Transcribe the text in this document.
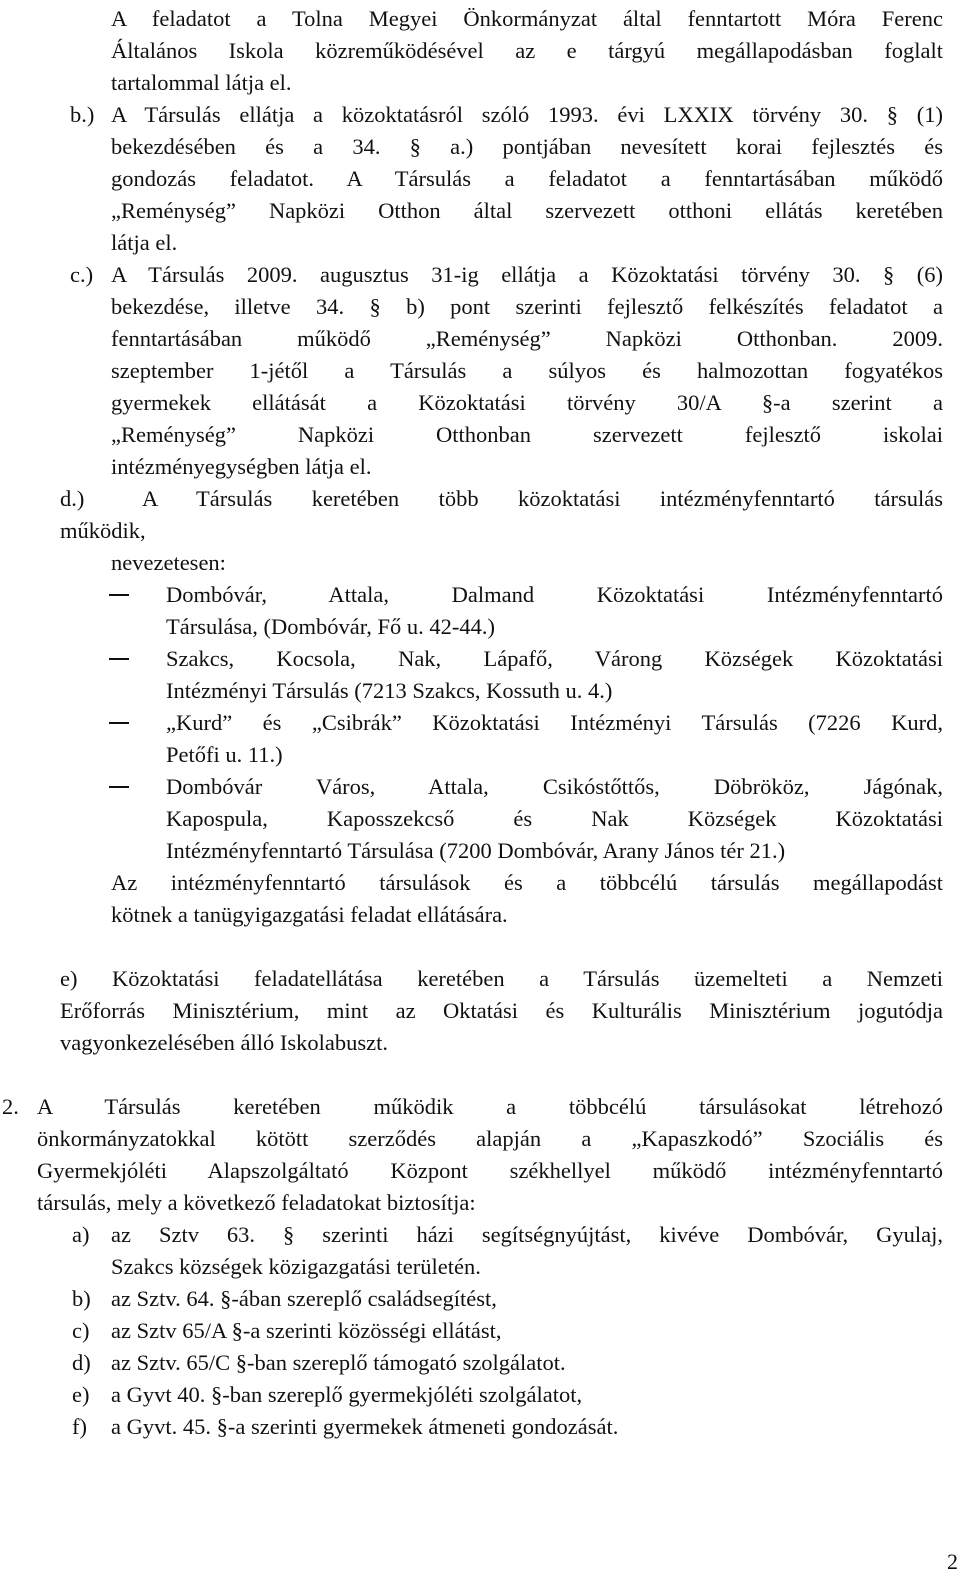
A feladatot a Tolna Megyei Önkormányzat által fenntartott Móra Ferenc
Általános Iskola közreműködésével az e tárgyú megállapodásban foglalt
tartalommal látja el.
b.) A Társulás ellátja a közoktatásról szóló 1993. évi LXXIX törvény 30. § (1)
bekezdésében és a 34. § a.) pontjában nevesített korai fejlesztés és
gondozás feladatot. A Társulás a feladatot a fenntartásában működő
„Reménység” Napközi Otthon által szervezett otthoni ellátás keretében
látja el.
c.) A Társulás 2009. augusztus 31-ig ellátja a Közoktatási törvény 30. § (6)
bekezdése, illetve 34. § b) pont szerinti fejlesztő felkészítés feladatot a
fenntartásában működő „Reménység” Napközi Otthonban. 2009.
szeptember 1-jétől a Társulás a súlyos és halmozottan fogyatékos
gyermekek ellátását a Közoktatási törvény 30/A §-a szerint a
„Reménység” Napközi Otthonban szervezett fejlesztő iskolai
intézményegységben látja el.
d.)	A Társulás keretében több közoktatási intézményfenntartó társulás
működik,
nevezetesen:
Dombóvár, Attala, Dalmand Közoktatási Intézményfenntartó
Társulása, (Dombóvár, Fő u. 42-44.)
Szakcs, Kocsola, Nak, Lápafő, Várong Községek Közoktatási
Intézményi Társulás (7213 Szakcs, Kossuth u. 4.)
„Kurd” és „Csibrák” Közoktatási Intézményi Társulás (7226 Kurd,
Petőfi u. 11.)
Dombóvár Város, Attala, Csikóstőttős, Döbrököz, Jágónak,
Kapospula, Kaposszekcső és Nak Községek Közoktatási
Intézményfenntartó Társulása (7200 Dombóvár, Arany János tér 21.)
Az intézményfenntartó társulások és a többcélú társulás megállapodást
kötnek a tanügyigazgatási feladat ellátására.
e) Közoktatási feladatellátása keretében a Társulás üzemelteti a Nemzeti
Erőforrás Minisztérium, mint az Oktatási és Kulturális Minisztérium jogutódja
vagyonkezelésében álló Iskolabuszt.
2. A Társulás keretében működik a többcélú társulásokat létrehozó
önkormányzatokkal kötött szerződés alapján a „Kapaszkodó” Szociális és
Gyermekjóléti Alapszolgáltató Központ székhellyel működő intézményfenntartó
társulás, mely a következő feladatokat biztosítja:
a) az Sztv 63. § szerinti házi segítségnyújtást, kivéve Dombóvár, Gyulaj,
Szakcs községek közigazgatási területén.
b) az Sztv. 64. §-ában szereplő családsegítést,
c) az Sztv 65/A §-a szerinti közösségi ellátást,
d) az Sztv. 65/C §-ban szereplő támogató szolgálatot.
e) a Gyvt 40. §-ban szereplő gyermekjóléti szolgálatot,
f) a Gyvt. 45. §-a szerinti gyermekek átmeneti gondozását.
2
